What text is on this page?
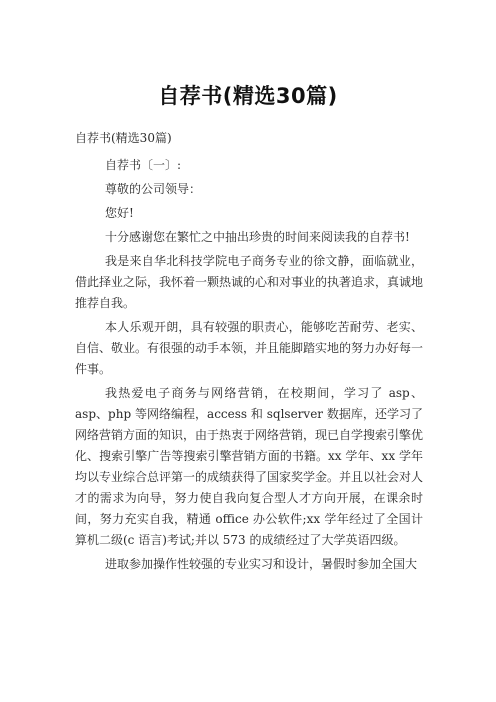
自荐书(精选30篇)

自荐书(精选30篇)

自荐书〔一〕:

尊敬的公司领导：

您好!

十分感谢您在繁忙之中抽出珍贵的时间来阅读我的自荐书!

我是来自华北科技学院电子商务专业的徐文静，面临就业，借此择业之际，我怀着一颗热诚的心和对事业的执著追求，真诚地推荐自我。

本人乐观开朗，具有较强的职责心，能够吃苦耐劳、老实、自信、敬业。有很强的动手本领，并且能脚踏实地的努力办好每一件事。

我热爱电子商务与网络营销，在校期间，学习了 asp、asp、php 等网络编程，access 和 sqlserver 数据库，还学习了网络营销方面的知识，由于热衷于网络营销，现已自学搜索引擎优化、搜索引擎广告等搜索引擎营销方面的书籍。xx 学年、xx 学年均以专业综合总评第一的成绩获得了国家奖学金。并且以社会对人才的需求为向导，努力使自我向复合型人才方向开展，在课余时间，努力充实自我，精通 office 办公软件;xx 学年经过了全国计算机二级(c 语言)考试;并以 573 的成绩经过了大学英语四级。

进取参加操作性较强的专业实习和设计，暑假时参加全国大
